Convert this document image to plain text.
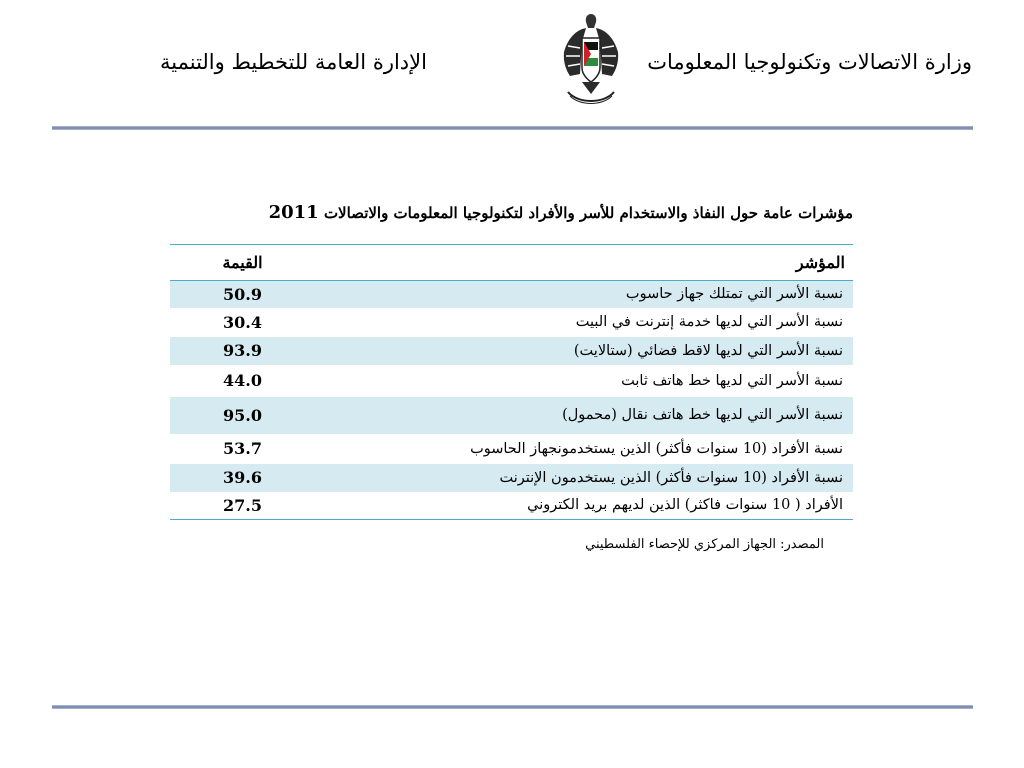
وزارة الاتصالات وتكنولوجيا المعلومات
الإدارة العامة للتخطيط والتنمية
مؤشرات عامة حول النفاذ والاستخدام للأسر والأفراد لتكنولوجيا المعلومات والاتصالات 2011
المؤشر	القيمة
نسبة الأسر التي تمتلك جهاز حاسوب	50.9
نسبة الأسر التي لديها خدمة إنترنت في البيت	30.4
نسبة الأسر التي لديها لاقط فضائي (ستالايت)	93.9
نسبة الأسر التي لديها خط هاتف ثابت	44.0
نسبة الأسر التي لديها خط هاتف نقال (محمول)	95.0
نسبة الأفراد (10 سنوات فأكثر) الذين يستخدمونجهاز الحاسوب	53.7
نسبة الأفراد (10 سنوات فأكثر) الذين يستخدمون الإنترنت	39.6
الأفراد ( 10 سنوات فاكثر) الذين لديهم بريد الكتروني	27.5
المصدر: الجهاز المركزي للإحصاء الفلسطيني
